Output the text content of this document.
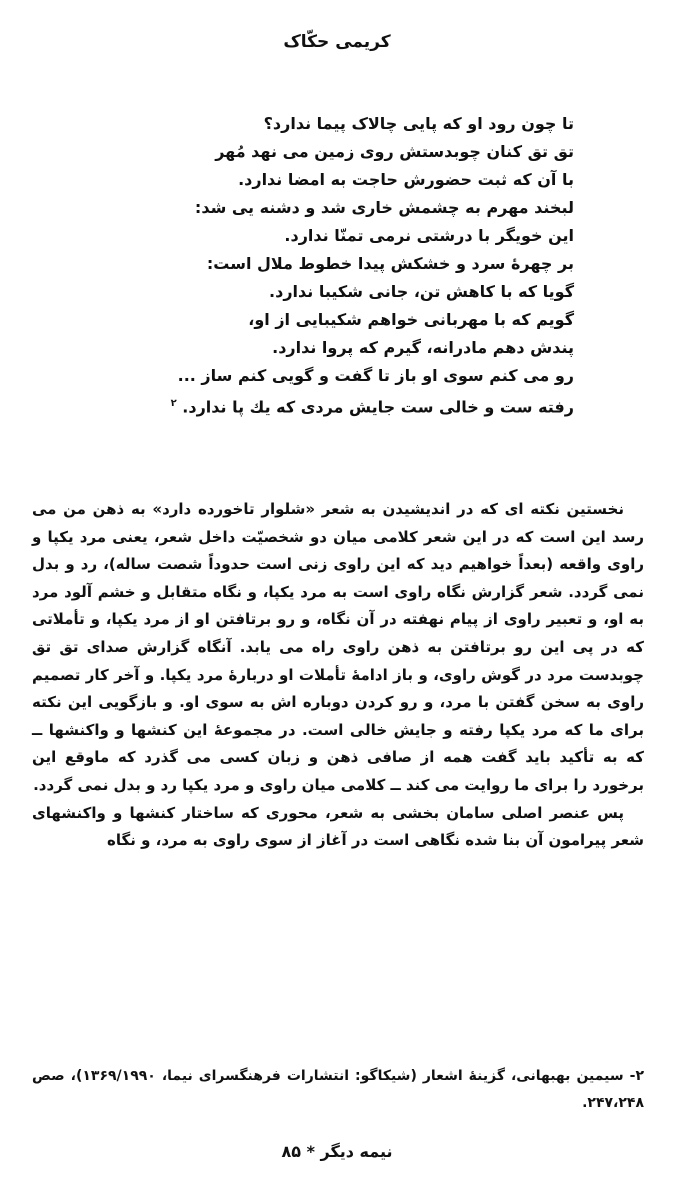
کریمی حکّاک
تا چون رود او که پایی چالاک پیما ندارد؟
تق تق کنان چوبدستش روی زمین می نهد مُهر
با آن که ثبت حضورش حاجت به امضا ندارد.
لبخند مهرم به چشمش خاری شد و دشنه یی شد:
این خویگر با درشتی نرمی تمنّا ندارد.
بر چهرهٔ سرد و خشکش پیدا خطوط ملال است:
گویا که با کاهش تن، جانی شکیبا ندارد.
گویم که با مهربانی خواهم شکیبایی از او،
پندش دهم مادرانه، گیرم که پروا ندارد.
رو می کنم سوی او باز تا گفت و گویی کنم ساز ...
رفته ست و خالی ست جایش مردی که یك پا ندارد. $^۲$

نخستین نکته ای که در اندیشیدن به شعر «شلوار تاخورده دارد» به ذهن من می رسد این است که در این شعر کلامی میان دو شخصیّت داخل شعر، یعنی مرد یکپا و راوی واقعه (بعداً خواهیم دید که این راوی زنی است حدوداً شصت ساله)، رد و بدل نمی گردد. شعر گزارش نگاه راوی است به مرد یکپا، و نگاه متقابل و خشم آلود مرد به او، و تعبیر راوی از پیام نهفته در آن نگاه، و رو برتافتن او از مرد یکپا، و تأملاتی که در پی این رو برتافتن به ذهن راوی راه می یابد. آنگاه گزارش صدای تق تق چوبدست مرد در گوش راوی، و باز ادامهٔ تأملات او دربارهٔ مرد یکپا. و آخر کار تصمیم راوی به سخن گفتن با مرد، و رو کردن دوباره اش به سوی او. و بازگویی این نکته برای ما که مرد یکپا رفته و جایش خالی است. در مجموعهٔ این کنشها و واکنشها ــ که به تأکید باید گفت همه از صافی ذهن و زبان کسی می گذرد که ماوقع این برخورد را برای ما روایت می کند ــ کلامی میان راوی و مرد یکپا رد و بدل نمی گردد.

پس عنصر اصلی سامان بخشی به شعر، محوری که ساختار کنشها و واکنشهای شعر پیرامون آن بنا شده نگاهی است در آغاز از سوی راوی به مرد، و نگاه

۲- سیمین بهبهانی، گزینهٔ اشعار (شیکاگو: انتشارات فرهنگسرای نیما، ۱۳۶۹/۱۹۹۰)، صص ۲۴۷،۲۴۸.
نیمه دیگر * ۸۵
